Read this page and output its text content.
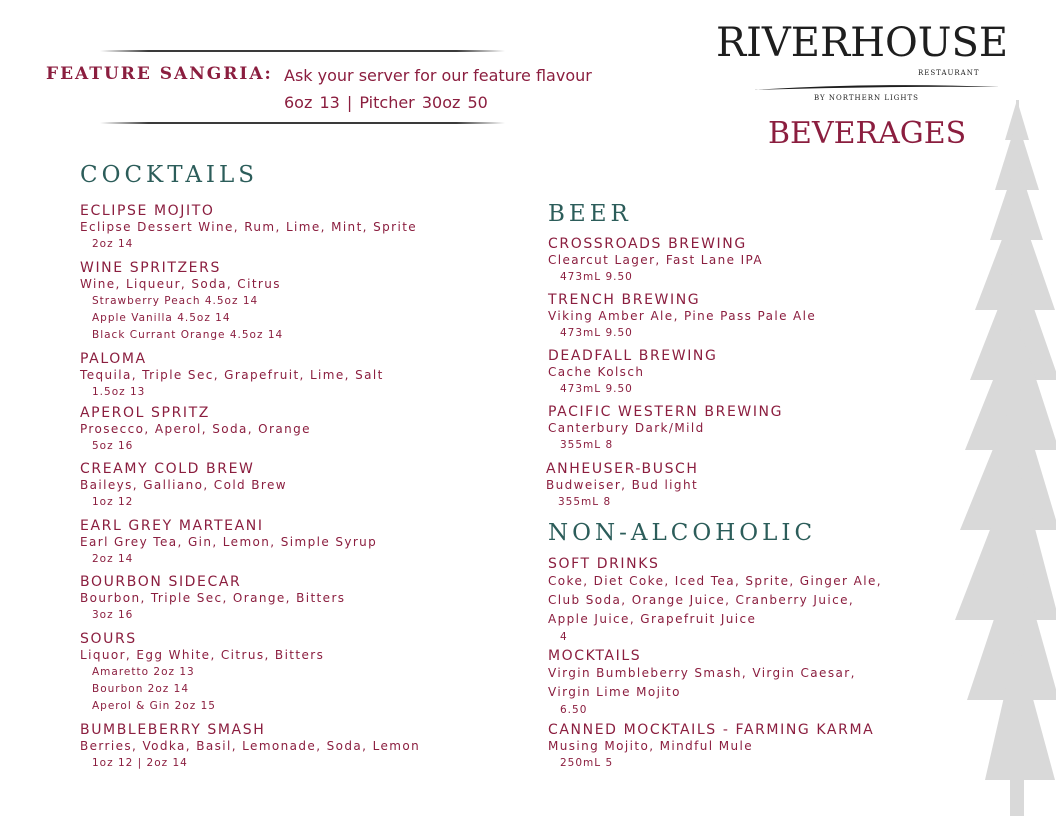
FEATURE SANGRIA: Ask your server for our feature flavour
6oz 13 | Pitcher 30oz 50
RIVERHOUSE
RESTAURANT
BY NORTHERN LIGHTS
BEVERAGES
COCKTAILS
BEER
NON-ALCOHOLIC
ECLIPSE MOJITO
Eclipse Dessert Wine, Rum, Lime, Mint, Sprite
2oz 14
WINE SPRITZERS
Wine, Liqueur, Soda, Citrus
Strawberry Peach 4.5oz 14
Apple Vanilla 4.5oz 14
Black Currant Orange 4.5oz 14
PALOMA
Tequila, Triple Sec, Grapefruit, Lime, Salt
1.5oz 13
APEROL SPRITZ
Prosecco, Aperol, Soda, Orange
5oz 16
CREAMY COLD BREW
Baileys, Galliano, Cold Brew
1oz 12
EARL GREY MARTEANI
Earl Grey Tea, Gin, Lemon, Simple Syrup
2oz 14
BOURBON SIDECAR
Bourbon, Triple Sec, Orange, Bitters
3oz 16
SOURS
Liquor, Egg White, Citrus, Bitters
Amaretto 2oz 13
Bourbon 2oz 14
Aperol & Gin 2oz 15
BUMBLEBERRY SMASH
Berries, Vodka, Basil, Lemonade, Soda, Lemon
1oz 12 | 2oz 14
CROSSROADS BREWING
Clearcut Lager, Fast Lane IPA
473mL 9.50
TRENCH BREWING
Viking Amber Ale, Pine Pass Pale Ale
473mL 9.50
DEADFALL BREWING
Cache Kolsch
473mL 9.50
PACIFIC WESTERN BREWING
Canterbury Dark/Mild
355mL 8
ANHEUSER-BUSCH
Budweiser, Bud light
355mL 8
SOFT DRINKS
Coke, Diet Coke, Iced Tea, Sprite, Ginger Ale, Club Soda, Orange Juice, Cranberry Juice, Apple Juice, Grapefruit Juice
4
MOCKTAILS
Virgin Bumbleberry Smash, Virgin Caesar, Virgin Lime Mojito
6.50
CANNED MOCKTAILS - FARMING KARMA
Musing Mojito, Mindful Mule
250mL 5
